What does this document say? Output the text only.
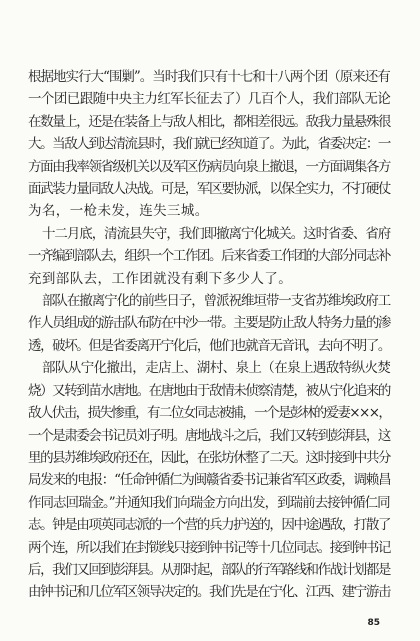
根据地实行大“围剿”。当时我们只有十七和十八两个团（原来还有

一个团已跟随中央主力红军长征去了）几百个人，我们部队无论

在数量上，还是在装备上与敌人相比，都相差很远。敌我力量悬殊很

大。当敌人到达清流县时，我们就已经知道了。为此，省委决定：一

方面由我率领省级机关以及军区伤病员向泉上撤退，一方面调集各方

面武装力量同敌人决战。可是，军区要协派，以保全实力，不打硬仗

为名，一枪未发，连失三城。

十二月底，清流县失守，我们即撤离宁化城关。这时省委、省府

一齐编到部队去，组织一个工作团。后来省委工作团的大部分同志补

充到部队去，工作团就没有剩下多少人了。

部队在撤离宁化的前些日子，曾派祝维垣带一支省苏维埃政府工

作人员组成的游击队布防在中沙一带。主要是防止敌人特务力量的渗

透，破坏。但是省委离开宁化后，他们也就音无音讯，去向不明了。

部队从宁化撤出，走店上、湖村、泉上（在泉上遇敌特纵火焚

烧）又转到苗水唐地。在唐地由于敌情未侦察清楚，被从宁化追来的

敌人伏击，损失惨重，有二位女同志被捕，一个是彭林的爱妻×××，

一个是肃委会书记员刘子明。唐地战斗之后，我们又转到彭湃县，这

里的县苏维埃政府还在，因此，在张坊休整了二天。这时接到中共分

局发来的电报：“任命钟循仁为闽赣省委书记兼省军区政委，调赖昌

作同志回瑞金。”并通知我们向瑞金方向出发，到瑞前去接钟循仁同

志。钟是由项英同志派的一个营的兵力护送的，因中途遇敌，打散了

两个连，所以我们在封锁线只接到钟书记等十几位同志。接到钟书记

后，我们又回到彭湃县。从那时起，部队的行军路线和作战计划都是

由钟书记和几位军区领导决定的。我们先是在宁化、江西、建宁游击

85
